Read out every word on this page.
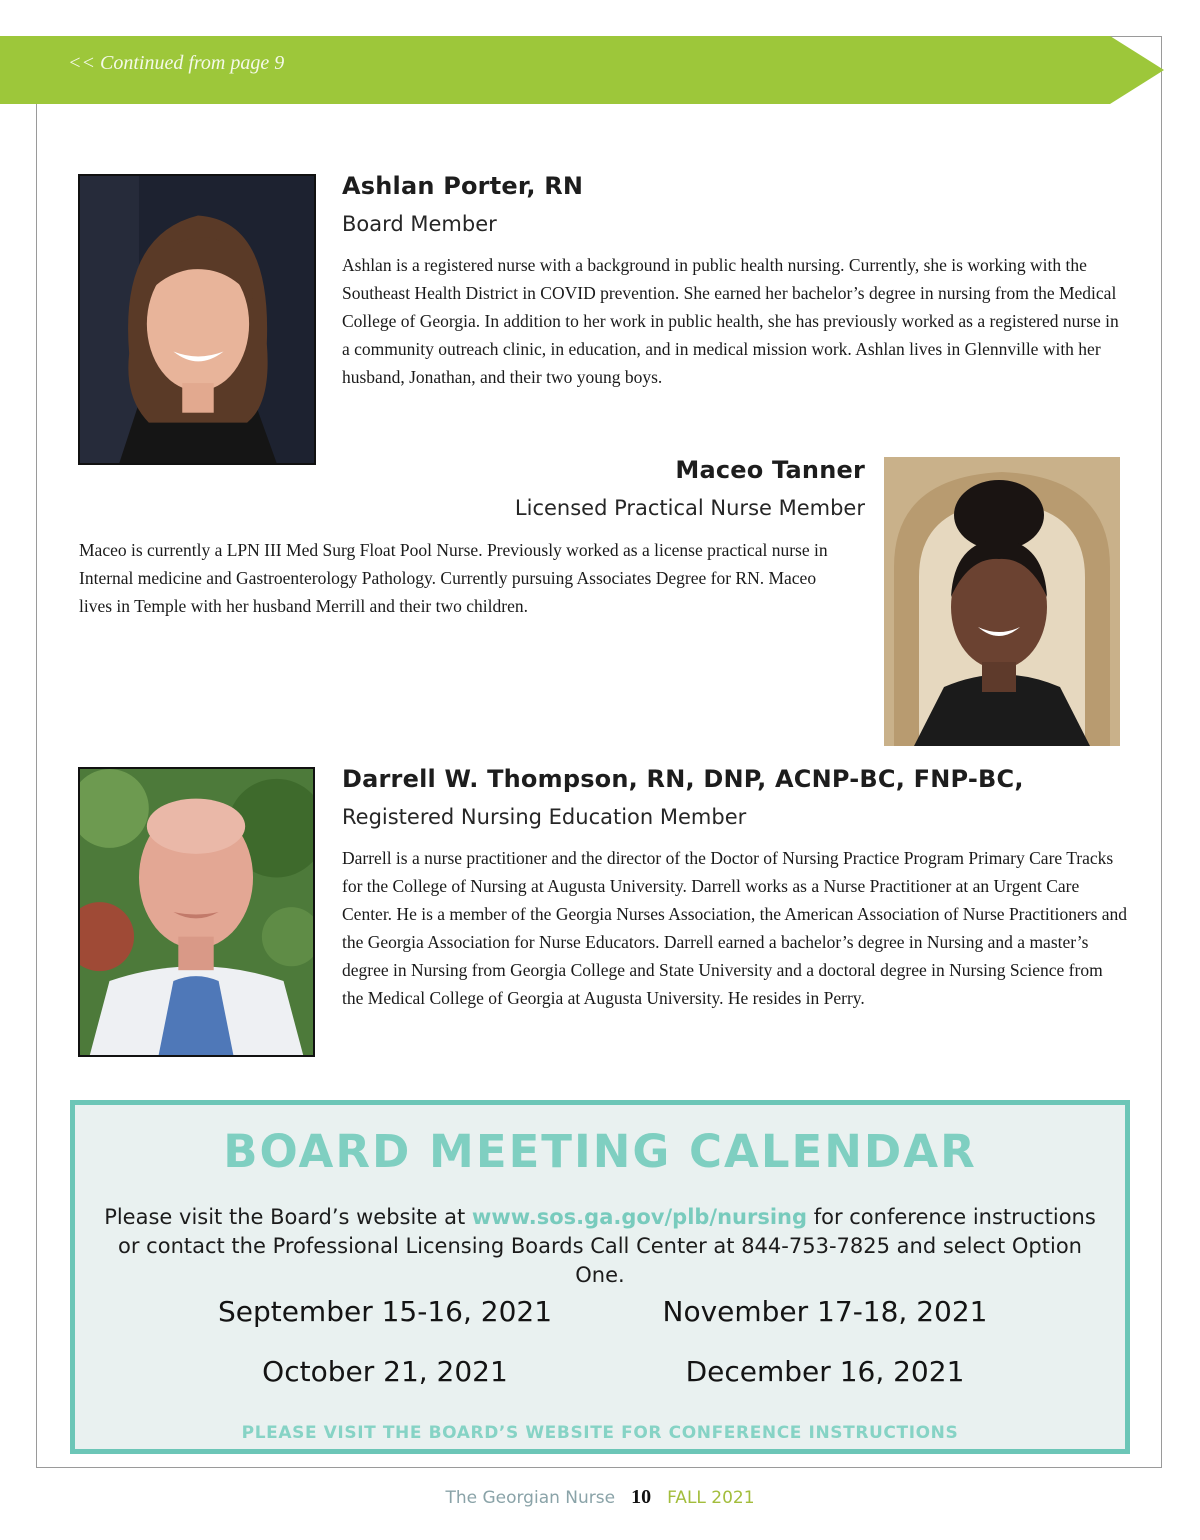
<< Continued from page 9
Ashlan Porter, RN
Board Member

Ashlan is a registered nurse with a background in public health nursing. Currently, she is working with the Southeast Health District in COVID prevention. She earned her bachelor’s degree in nursing from the Medical College of Georgia. In addition to her work in public health, she has previously worked as a registered nurse in a community outreach clinic, in education, and in medical mission work. Ashlan lives in Glennville with her husband, Jonathan, and their two young boys.

Maceo Tanner
Licensed Practical Nurse Member

Maceo is currently a LPN III Med Surg Float Pool Nurse. Previously worked as a license practical nurse in Internal medicine and Gastroenterology Pathology. Currently pursuing Associates Degree for RN. Maceo lives in Temple with her husband Merrill and their two children.

Darrell W. Thompson, RN, DNP, ACNP-BC, FNP-BC,
Registered Nursing Education Member

Darrell is a nurse practitioner and the director of the Doctor of Nursing Practice Program Primary Care Tracks for the College of Nursing at Augusta University. Darrell works as a Nurse Practitioner at an Urgent Care Center. He is a member of the Georgia Nurses Association, the American Association of Nurse Practitioners and the Georgia Association for Nurse Educators. Darrell earned a bachelor’s degree in Nursing and a master’s degree in Nursing from Georgia College and State University and a doctoral degree in Nursing Science from the Medical College of Georgia at Augusta University. He resides in Perry.

BOARD MEETING CALENDAR
Please visit the Board’s website at www.sos.ga.gov/plb/nursing for conference instructions or contact the Professional Licensing Boards Call Center at 844-753-7825 and select Option One.
September 15-16, 2021	November 17-18, 2021
October 21, 2021	December 16, 2021
PLEASE VISIT THE BOARD’S WEBSITE FOR CONFERENCE INSTRUCTIONS
The Georgian Nurse 10 FALL 2021
